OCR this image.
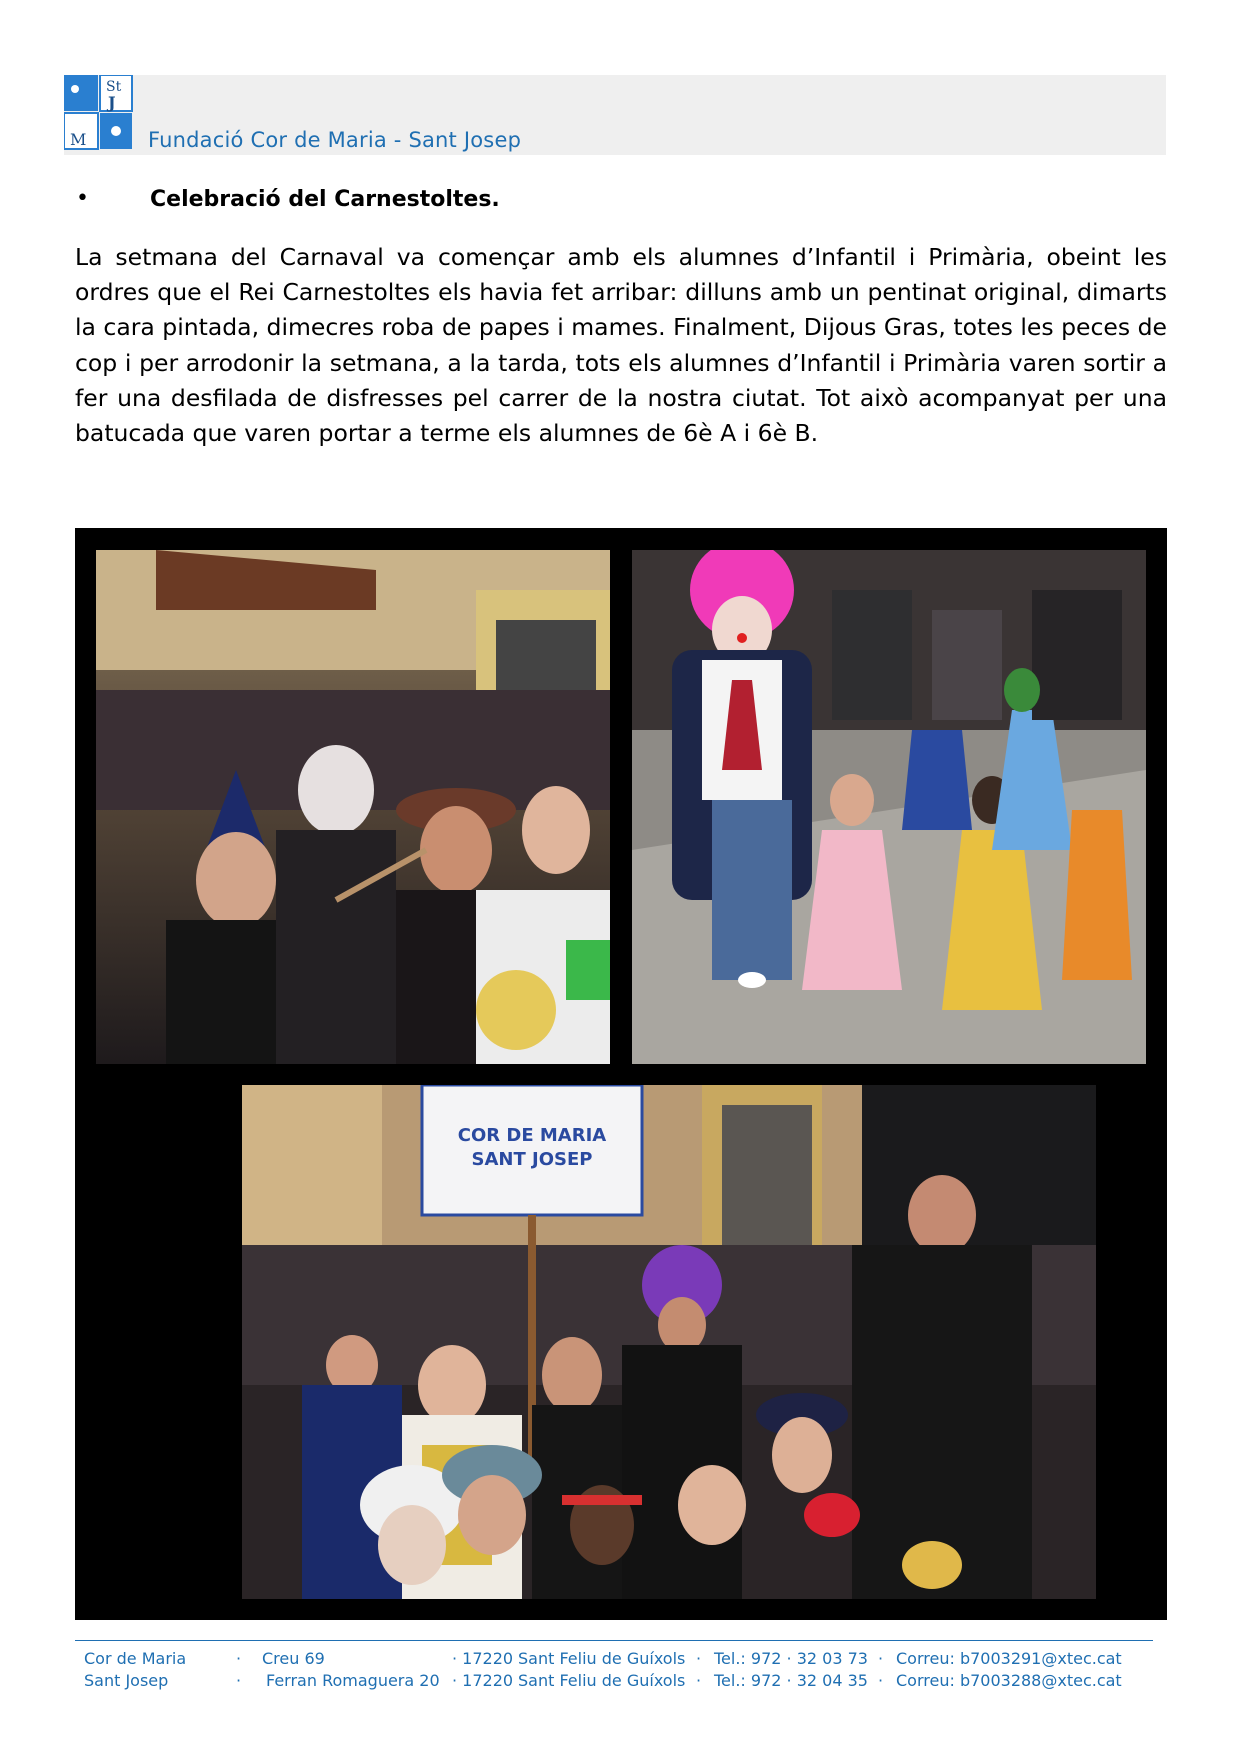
St
J
M	Fundació Cor de Maria - Sant Josep
•	Celebració del Carnestoltes.
La setmana del Carnaval va començar amb els alumnes d’Infantil i Primària, obeint les ordres que el Rei Carnestoltes els havia fet arribar: dilluns amb un pentinat original, dimarts la cara pintada, dimecres roba de papes i mames. Finalment, Dijous Gras, totes les peces de cop i per arrodonir la setmana, a la tarda, tots els alumnes d’Infantil i Primària varen sortir a fer una desfilada de disfresses pel carrer de la nostra ciutat. Tot això acompanyat per una batucada que varen portar a terme els alumnes de 6è A i 6è B.
COR DE MARIA
SANT JOSEP
Cor de Maria	· Creu 69	· 17220 Sant Feliu de Guíxols · Tel.: 972 · 32 03 73 · Correu: b7003291@xtec.cat
Sant Josep	· Ferran Romaguera 20 · 17220 Sant Feliu de Guíxols · Tel.: 972 · 32 04 35 · Correu: b7003288@xtec.cat
